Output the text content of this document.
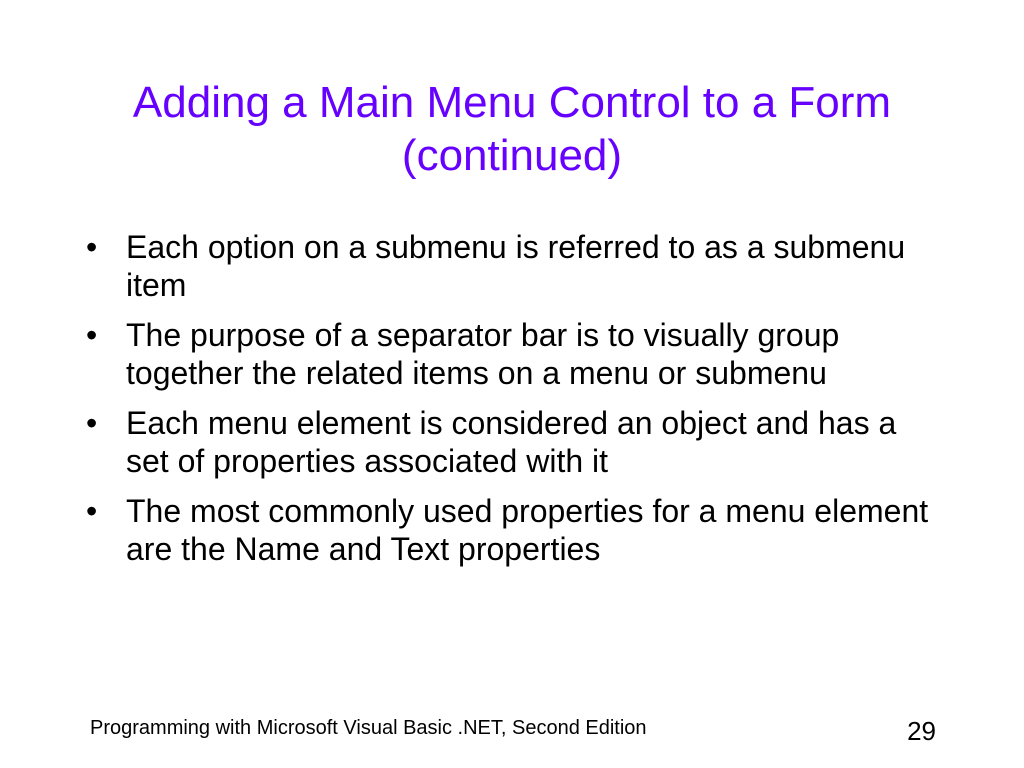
Adding a Main Menu Control to a Form (continued)
• Each option on a submenu is referred to as a submenu item
• The purpose of a separator bar is to visually group together the related items on a menu or submenu
• Each menu element is considered an object and has a set of properties associated with it
• The most commonly used properties for a menu element are the Name and Text properties
Programming with Microsoft Visual Basic .NET, Second Edition	29
